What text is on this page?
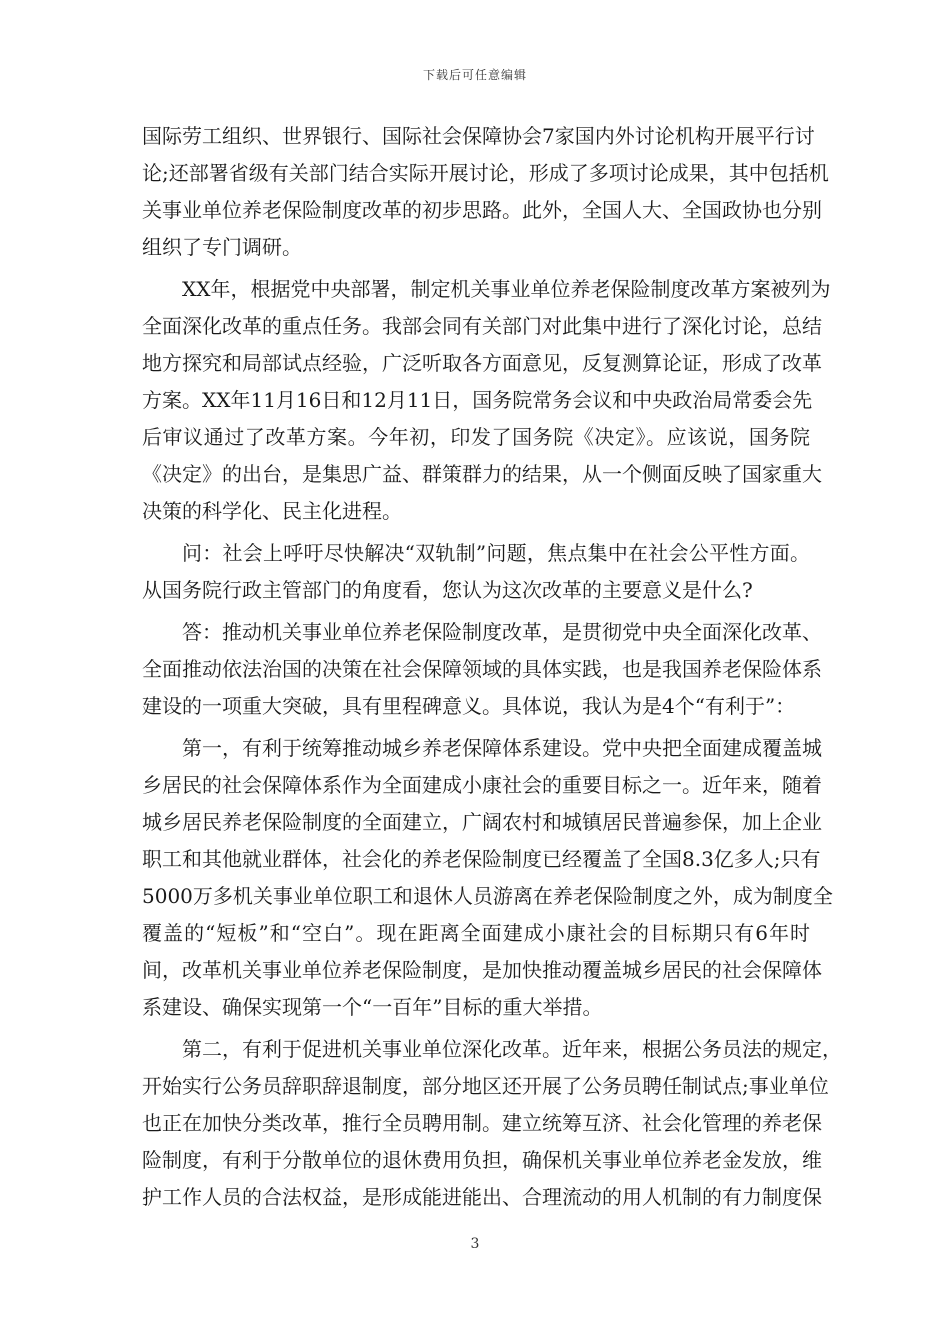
下载后可任意编辑
国际劳工组织、世界银行、国际社会保障协会7家国内外讨论机构开展平行讨
论;还部署省级有关部门结合实际开展讨论，形成了多项讨论成果，其中包括机
关事业单位养老保险制度改革的初步思路。此外，全国人大、全国政协也分别
组织了专门调研。
XX年，根据党中央部署，制定机关事业单位养老保险制度改革方案被列为
全面深化改革的重点任务。我部会同有关部门对此集中进行了深化讨论，总结
地方探究和局部试点经验，广泛听取各方面意见，反复测算论证，形成了改革
方案。XX年11月16日和12月11日，国务院常务会议和中央政治局常委会先
后审议通过了改革方案。今年初，印发了国务院《决定》。应该说，国务院
《决定》的出台，是集思广益、群策群力的结果，从一个侧面反映了国家重大
决策的科学化、民主化进程。
问：社会上呼吁尽快解决“双轨制”问题，焦点集中在社会公平性方面。
从国务院行政主管部门的角度看，您认为这次改革的主要意义是什么?
答：推动机关事业单位养老保险制度改革，是贯彻党中央全面深化改革、
全面推动依法治国的决策在社会保障领域的具体实践，也是我国养老保险体系
建设的一项重大突破，具有里程碑意义。具体说，我认为是4个“有利于”：
第一，有利于统筹推动城乡养老保障体系建设。党中央把全面建成覆盖城
乡居民的社会保障体系作为全面建成小康社会的重要目标之一。近年来，随着
城乡居民养老保险制度的全面建立，广阔农村和城镇居民普遍参保，加上企业
职工和其他就业群体，社会化的养老保险制度已经覆盖了全国8.3亿多人;只有
5000万多机关事业单位职工和退休人员游离在养老保险制度之外，成为制度全
覆盖的“短板”和“空白”。现在距离全面建成小康社会的目标期只有6年时
间，改革机关事业单位养老保险制度，是加快推动覆盖城乡居民的社会保障体
系建设、确保实现第一个“一百年”目标的重大举措。
第二，有利于促进机关事业单位深化改革。近年来，根据公务员法的规定，
开始实行公务员辞职辞退制度，部分地区还开展了公务员聘任制试点;事业单位
也正在加快分类改革，推行全员聘用制。建立统筹互济、社会化管理的养老保
险制度，有利于分散单位的退休费用负担，确保机关事业单位养老金发放，维
护工作人员的合法权益，是形成能进能出、合理流动的用人机制的有力制度保
3
